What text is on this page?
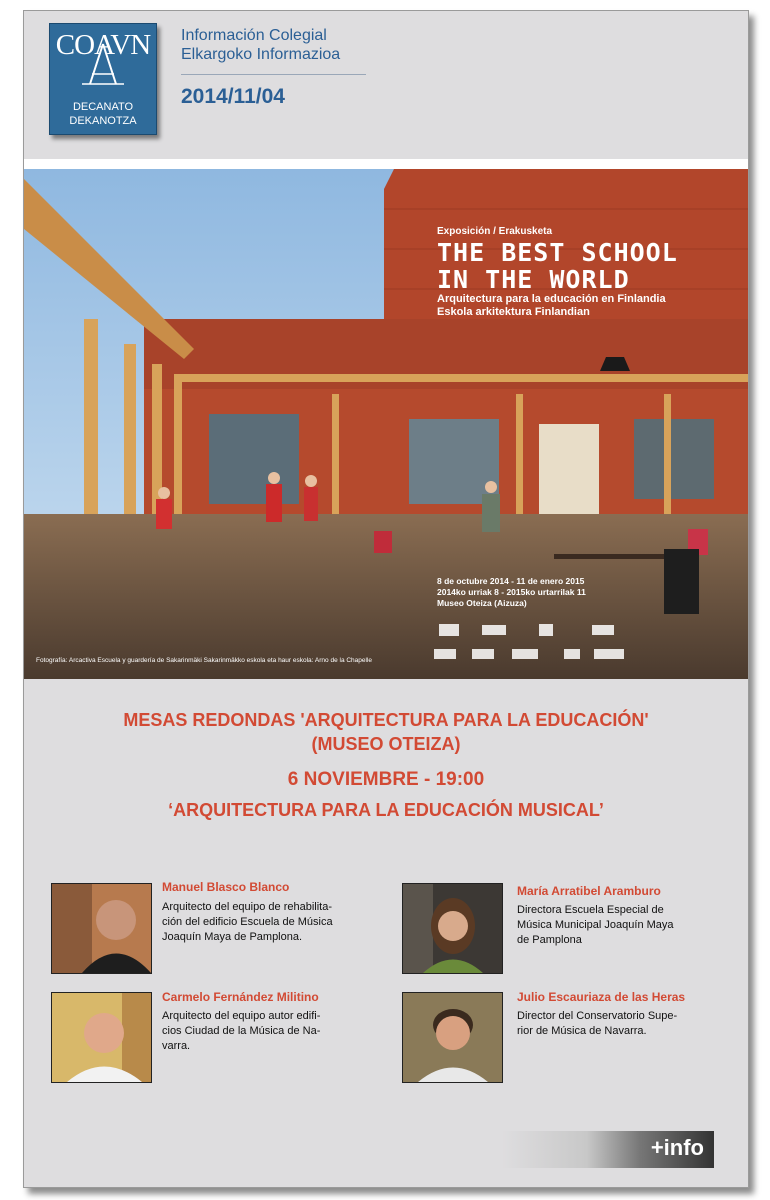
COAVN
DECANATO
DEKANOTZA
Información Colegial
Elkargoko Informazioa
2014/11/04
Exposición / Erakusketa
THE BEST SCHOOL
IN THE WORLD
Arquitectura para la educación en Finlandia
Eskola arkitektura Finlandian
8 de octubre 2014 - 11 de enero 2015
2014ko urriak 8 - 2015ko urtarrilak 11
Museo Oteiza (Aizuza)
Fotografía: Arcactiva Escuela y guardería de Sakarinmäki Sakarinmäkko eskola eta haur eskola: Arno de la Chapelle
MESAS REDONDAS 'ARQUITECTURA PARA LA EDUCACIÓN'
(MUSEO OTEIZA)
6 NOVIEMBRE - 19:00
‘ARQUITECTURA PARA LA EDUCACIÓN MUSICAL’
Manuel Blasco Blanco
Arquitecto del equipo de rehabilita-
ción del edificio Escuela de Música
Joaquín Maya de Pamplona.
María Arratibel Aramburo
Directora Escuela Especial de
Música Municipal Joaquín Maya
de Pamplona
Carmelo Fernández Militino
Arquitecto del equipo autor edifi-
cios Ciudad de la Música de Na-
varra.
Julio Escauriaza de las Heras
Director del Conservatorio Supe-
rior de Música de Navarra.
+info
